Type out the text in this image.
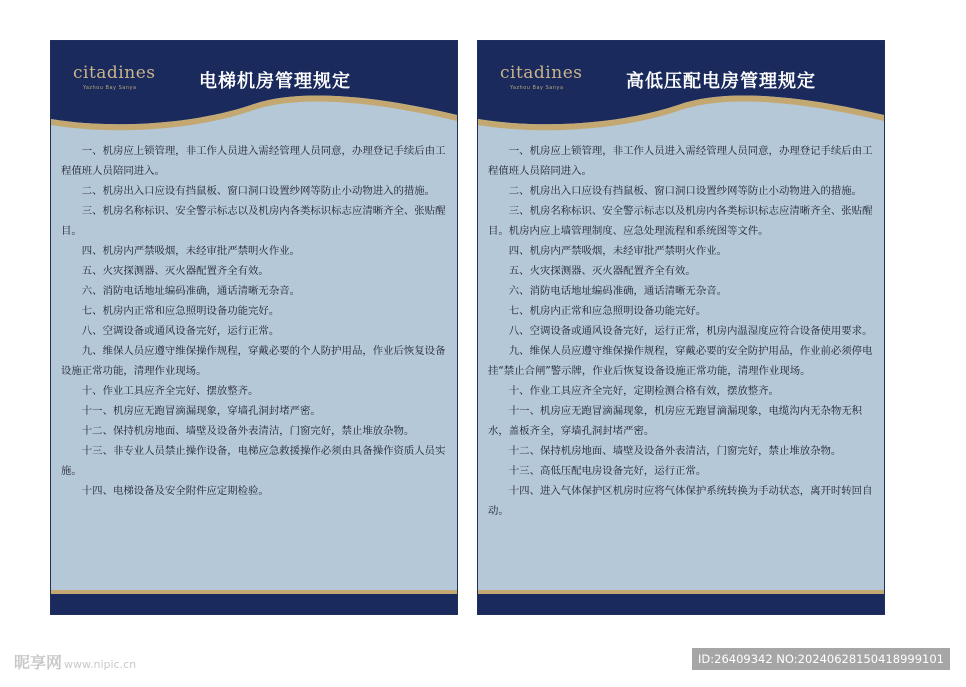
citadines
Yazhou Bay Sanya	电梯机房管理规定

一、机房应上锁管理，非工作人员进入需经管理人员同意，办理登记手续后由工程值班人员陪同进入。

二、机房出入口应设有挡鼠板、窗口洞口设置纱网等防止小动物进入的措施。

三、机房名称标识、安全警示标志以及机房内各类标识标志应清晰齐全、张贴醒目。

四、机房内严禁吸烟，未经审批严禁明火作业。

五、火灾探测器、灭火器配置齐全有效。

六、消防电话地址编码准确，通话清晰无杂音。

七、机房内正常和应急照明设备功能完好。

八、空调设备或通风设备完好，运行正常。

九、维保人员应遵守维保操作规程，穿戴必要的个人防护用品，作业后恢复设备设施正常功能，清理作业现场。

十、作业工具应齐全完好、摆放整齐。

十一、机房应无跑冒滴漏现象，穿墙孔洞封堵严密。

十二、保持机房地面、墙壁及设备外表清洁，门窗完好，禁止堆放杂物。

十三、非专业人员禁止操作设备，电梯应急救援操作必须由具备操作资质人员实施。

十四、电梯设备及安全附件应定期检验。

citadines
Yazhou Bay Sanya	高低压配电房管理规定

一、机房应上锁管理，非工作人员进入需经管理人员同意，办理登记手续后由工程值班人员陪同进入。

二、机房出入口应设有挡鼠板、窗口洞口设置纱网等防止小动物进入的措施。

三、机房名称标识、安全警示标志以及机房内各类标识标志应清晰齐全、张贴醒目。机房内应上墙管理制度、应急处理流程和系统图等文件。

四、机房内严禁吸烟，未经审批严禁明火作业。

五、火灾探测器、灭火器配置齐全有效。

六、消防电话地址编码准确，通话清晰无杂音。

七、机房内正常和应急照明设备功能完好。

八、空调设备或通风设备完好，运行正常，机房内温湿度应符合设备使用要求。

九、维保人员应遵守维保操作规程，穿戴必要的安全防护用品，作业前必须停电挂“禁止合闸”警示牌，作业后恢复设备设施正常功能，清理作业现场。

十、作业工具应齐全完好，定期检测合格有效，摆放整齐。

十一、机房应无跑冒滴漏现象，机房应无跑冒滴漏现象，电缆沟内无杂物无积水，盖板齐全，穿墙孔洞封堵严密。

十二、保持机房地面、墙壁及设备外表清洁，门窗完好，禁止堆放杂物。

十三、高低压配电房设备完好，运行正常。

十四、进入气体保护区机房时应将气体保护系统转换为手动状态，离开时转回自动。

昵享网 www.nipic.cn	ID:26409342 NO:20240628150418999101
